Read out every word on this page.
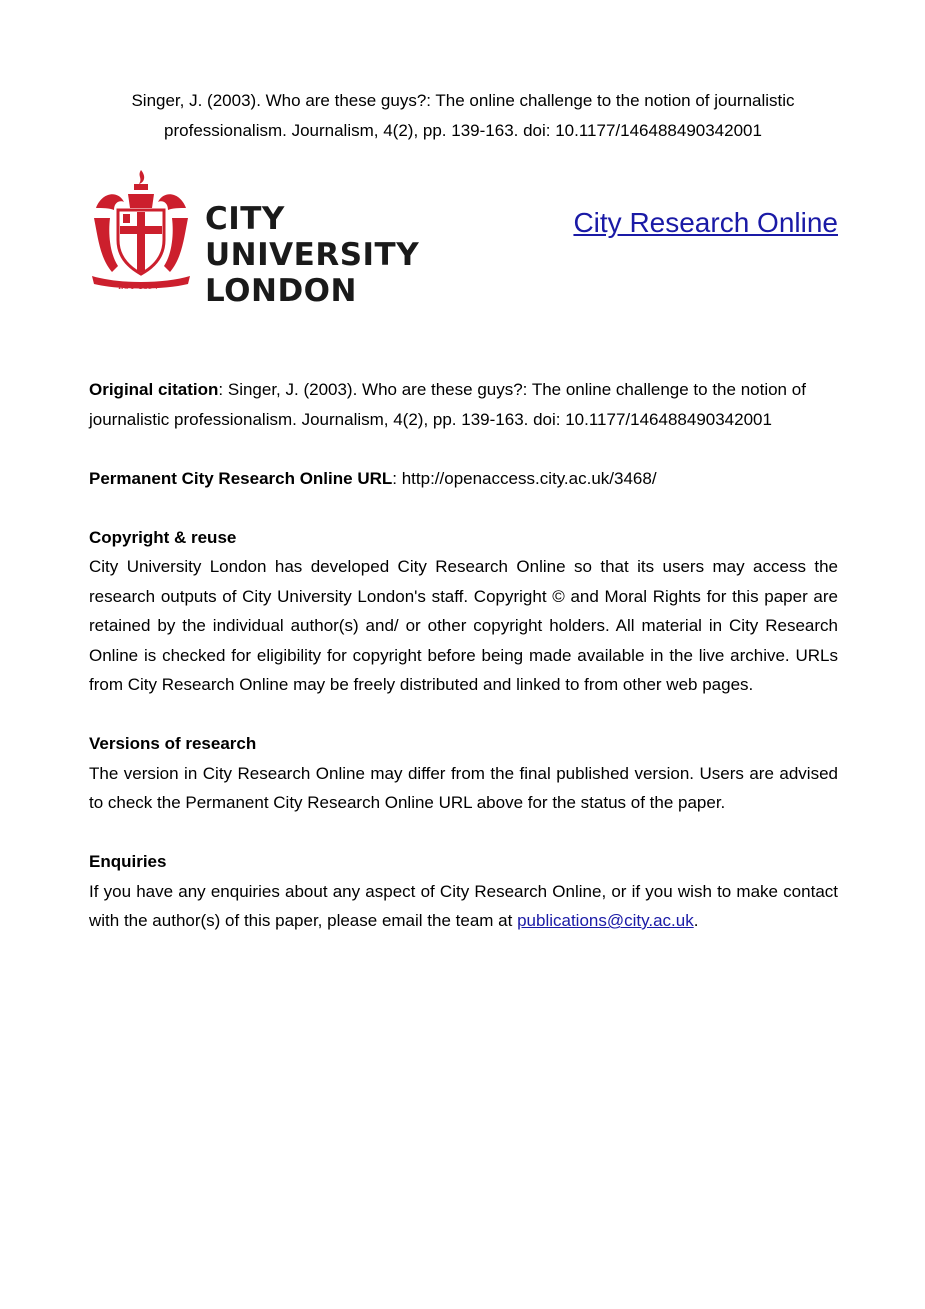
Singer, J. (2003). Who are these guys?: The online challenge to the notion of journalistic professionalism. Journalism, 4(2), pp. 139-163. doi: 10.1177/146488490342001
CITY UNIVERSITY
LONDON
EST 1894
City Research Online

Original citation: Singer, J. (2003). Who are these guys?: The online challenge to the notion of journalistic professionalism. Journalism, 4(2), pp. 139-163. doi: 10.1177/146488490342001

Permanent City Research Online URL: http://openaccess.city.ac.uk/3468/

Copyright & reuse
City University London has developed City Research Online so that its users may access the research outputs of City University London's staff. Copyright © and Moral Rights for this paper are retained by the individual author(s) and/ or other copyright holders. All material in City Research Online is checked for eligibility for copyright before being made available in the live archive. URLs from City Research Online may be freely distributed and linked to from other web pages.
Versions of research
The version in City Research Online may differ from the final published version. Users are advised to check the Permanent City Research Online URL above for the status of the paper.
Enquiries
If you have any enquiries about any aspect of City Research Online, or if you wish to make contact with the author(s) of this paper, please email the team at publications@city.ac.uk.
